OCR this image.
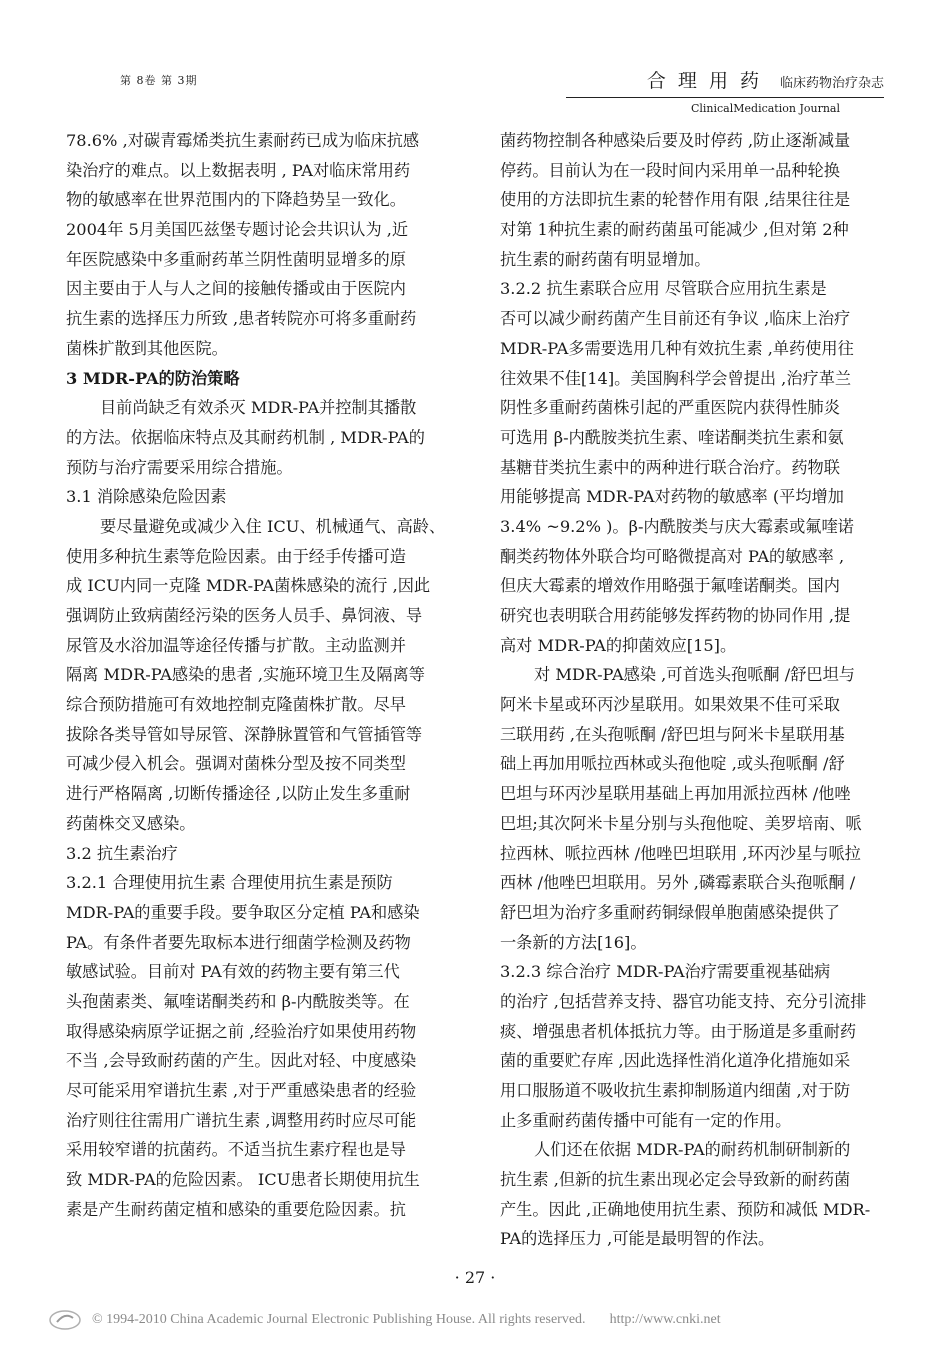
第 8卷 第 3期	合 理 用 药 临床药物治疗杂志
ClinicalMedication Journal
78.6% ,对碳青霉烯类抗生素耐药已成为临床抗感
染治疗的难点。以上数据表明 , PA对临床常用药
物的敏感率在世界范围内的下降趋势呈一致化。
2004年 5月美国匹兹堡专题讨论会共识认为 ,近
年医院感染中多重耐药革兰阴性菌明显增多的原
因主要由于人与人之间的接触传播或由于医院内
抗生素的选择压力所致 ,患者转院亦可将多重耐药
菌株扩散到其他医院。
3 MDR-PA的防治策略
目前尚缺乏有效杀灭 MDR-PA并控制其播散
的方法。依据临床特点及其耐药机制 , MDR-PA的
预防与治疗需要采用综合措施。
3.1 消除感染危险因素
要尽量避免或减少入住 ICU、机械通气、高龄、
使用多种抗生素等危险因素。由于经手传播可造
成 ICU内同一克隆 MDR-PA菌株感染的流行 ,因此
强调防止致病菌经污染的医务人员手、鼻饲液、导
尿管及水浴加温等途径传播与扩散。主动监测并
隔离 MDR-PA感染的患者 ,实施环境卫生及隔离等
综合预防措施可有效地控制克隆菌株扩散。尽早
拔除各类导管如导尿管、深静脉置管和气管插管等
可减少侵入机会。强调对菌株分型及按不同类型
进行严格隔离 ,切断传播途径 ,以防止发生多重耐
药菌株交叉感染。
3.2 抗生素治疗
3.2.1 合理使用抗生素 合理使用抗生素是预防
MDR-PA的重要手段。要争取区分定植 PA和感染
PA。有条件者要先取标本进行细菌学检测及药物
敏感试验。目前对 PA有效的药物主要有第三代
头孢菌素类、氟喹诺酮类药和 β-内酰胺类等。在
取得感染病原学证据之前 ,经验治疗如果使用药物
不当 ,会导致耐药菌的产生。因此对轻、中度感染
尽可能采用窄谱抗生素 ,对于严重感染患者的经验
治疗则往往需用广谱抗生素 ,调整用药时应尽可能
采用较窄谱的抗菌药。不适当抗生素疗程也是导
致 MDR-PA的危险因素。 ICU患者长期使用抗生
素是产生耐药菌定植和感染的重要危险因素。抗
菌药物控制各种感染后要及时停药 ,防止逐渐减量
停药。目前认为在一段时间内采用单一品种轮换
使用的方法即抗生素的轮替作用有限 ,结果往往是
对第 1种抗生素的耐药菌虽可能减少 ,但对第 2种
抗生素的耐药菌有明显增加。
3.2.2 抗生素联合应用 尽管联合应用抗生素是
否可以减少耐药菌产生目前还有争议 ,临床上治疗
MDR-PA多需要选用几种有效抗生素 ,单药使用往
往效果不佳[14]。美国胸科学会曾提出 ,治疗革兰
阴性多重耐药菌株引起的严重医院内获得性肺炎
可选用 β-内酰胺类抗生素、喹诺酮类抗生素和氨
基糖苷类抗生素中的两种进行联合治疗。药物联
用能够提高 MDR-PA对药物的敏感率 (平均增加
3.4% ~9.2% )。β-内酰胺类与庆大霉素或氟喹诺
酮类药物体外联合均可略微提高对 PA的敏感率 ,
但庆大霉素的增效作用略强于氟喹诺酮类。国内
研究也表明联合用药能够发挥药物的协同作用 ,提
高对 MDR-PA的抑菌效应[15]。
对 MDR-PA感染 ,可首选头孢哌酮 /舒巴坦与
阿米卡星或环丙沙星联用。如果效果不佳可采取
三联用药 ,在头孢哌酮 /舒巴坦与阿米卡星联用基
础上再加用哌拉西林或头孢他啶 ,或头孢哌酮 /舒
巴坦与环丙沙星联用基础上再加用派拉西林 /他唑
巴坦;其次阿米卡星分别与头孢他啶、美罗培南、哌
拉西林、哌拉西林 /他唑巴坦联用 ,环丙沙星与哌拉
西林 /他唑巴坦联用。另外 ,磷霉素联合头孢哌酮 /
舒巴坦为治疗多重耐药铜绿假单胞菌感染提供了
一条新的方法[16]。
3.2.3 综合治疗 MDR-PA治疗需要重视基础病
的治疗 ,包括营养支持、器官功能支持、充分引流排
痰、增强患者机体抵抗力等。由于肠道是多重耐药
菌的重要贮存库 ,因此选择性消化道净化措施如采
用口服肠道不吸收抗生素抑制肠道内细菌 ,对于防
止多重耐药菌传播中可能有一定的作用。
人们还在依据 MDR-PA的耐药机制研制新的
抗生素 ,但新的抗生素出现必定会导致新的耐药菌
产生。因此 ,正确地使用抗生素、预防和减低 MDR-
PA的选择压力 ,可能是最明智的作法。
· 27 ·
© 1994-2010 China Academic Journal Electronic Publishing House. All rights reserved. http://www.cnki.net
